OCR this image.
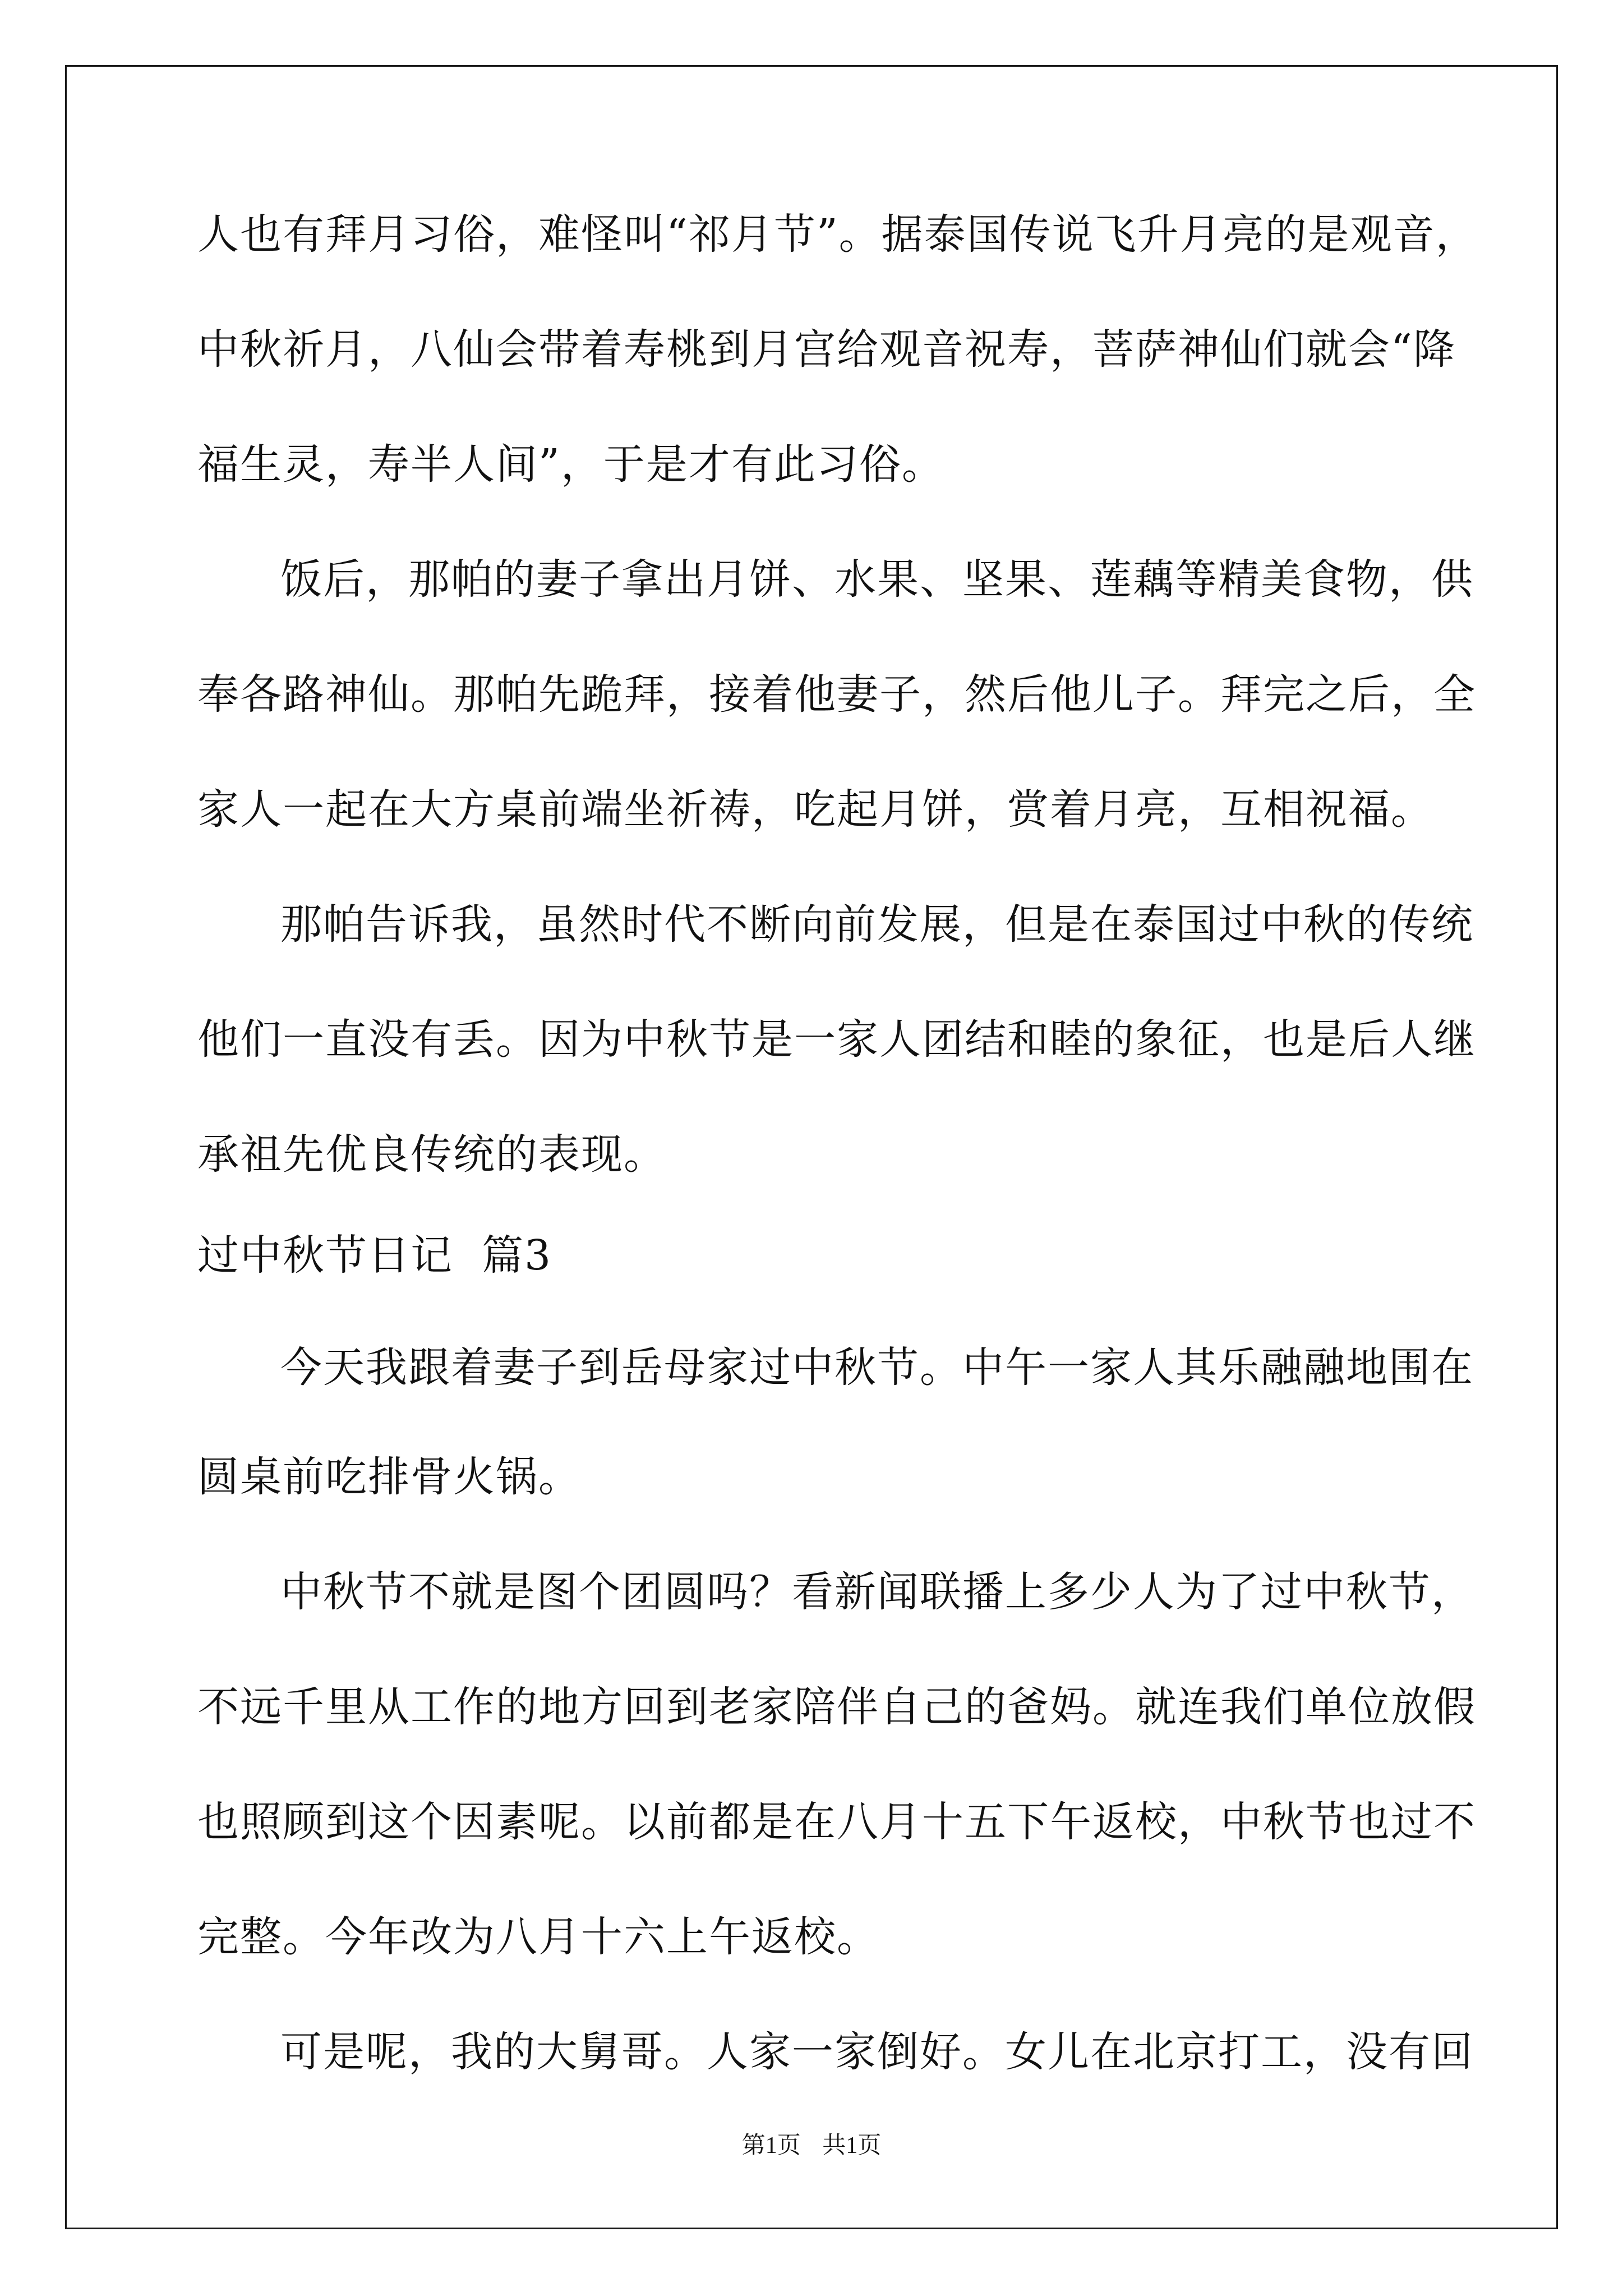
人也有拜月习俗，难怪叫“祁月节”。据泰国传说飞升月亮的是观音，
中秋祈月，八仙会带着寿桃到月宫给观音祝寿，菩萨神仙们就会“降
福生灵，寿半人间”，于是才有此习俗。
饭后，那帕的妻子拿出月饼、水果、坚果、莲藕等精美食物，供
奉各路神仙。那帕先跪拜，接着他妻子，然后他儿子。拜完之后，全
家人一起在大方桌前端坐祈祷，吃起月饼，赏着月亮，互相祝福。
那帕告诉我，虽然时代不断向前发展，但是在泰国过中秋的传统
他们一直没有丢。因为中秋节是一家人团结和睦的象征，也是后人继
承祖先优良传统的表现。
过中秋节日记  篇3
今天我跟着妻子到岳母家过中秋节。中午一家人其乐融融地围在
圆桌前吃排骨火锅。
中秋节不就是图个团圆吗？看新闻联播上多少人为了过中秋节，
不远千里从工作的地方回到老家陪伴自己的爸妈。就连我们单位放假
也照顾到这个因素呢。以前都是在八月十五下午返校，中秋节也过不
完整。今年改为八月十六上午返校。
可是呢，我的大舅哥。人家一家倒好。女儿在北京打工，没有回
第1页 共1页
